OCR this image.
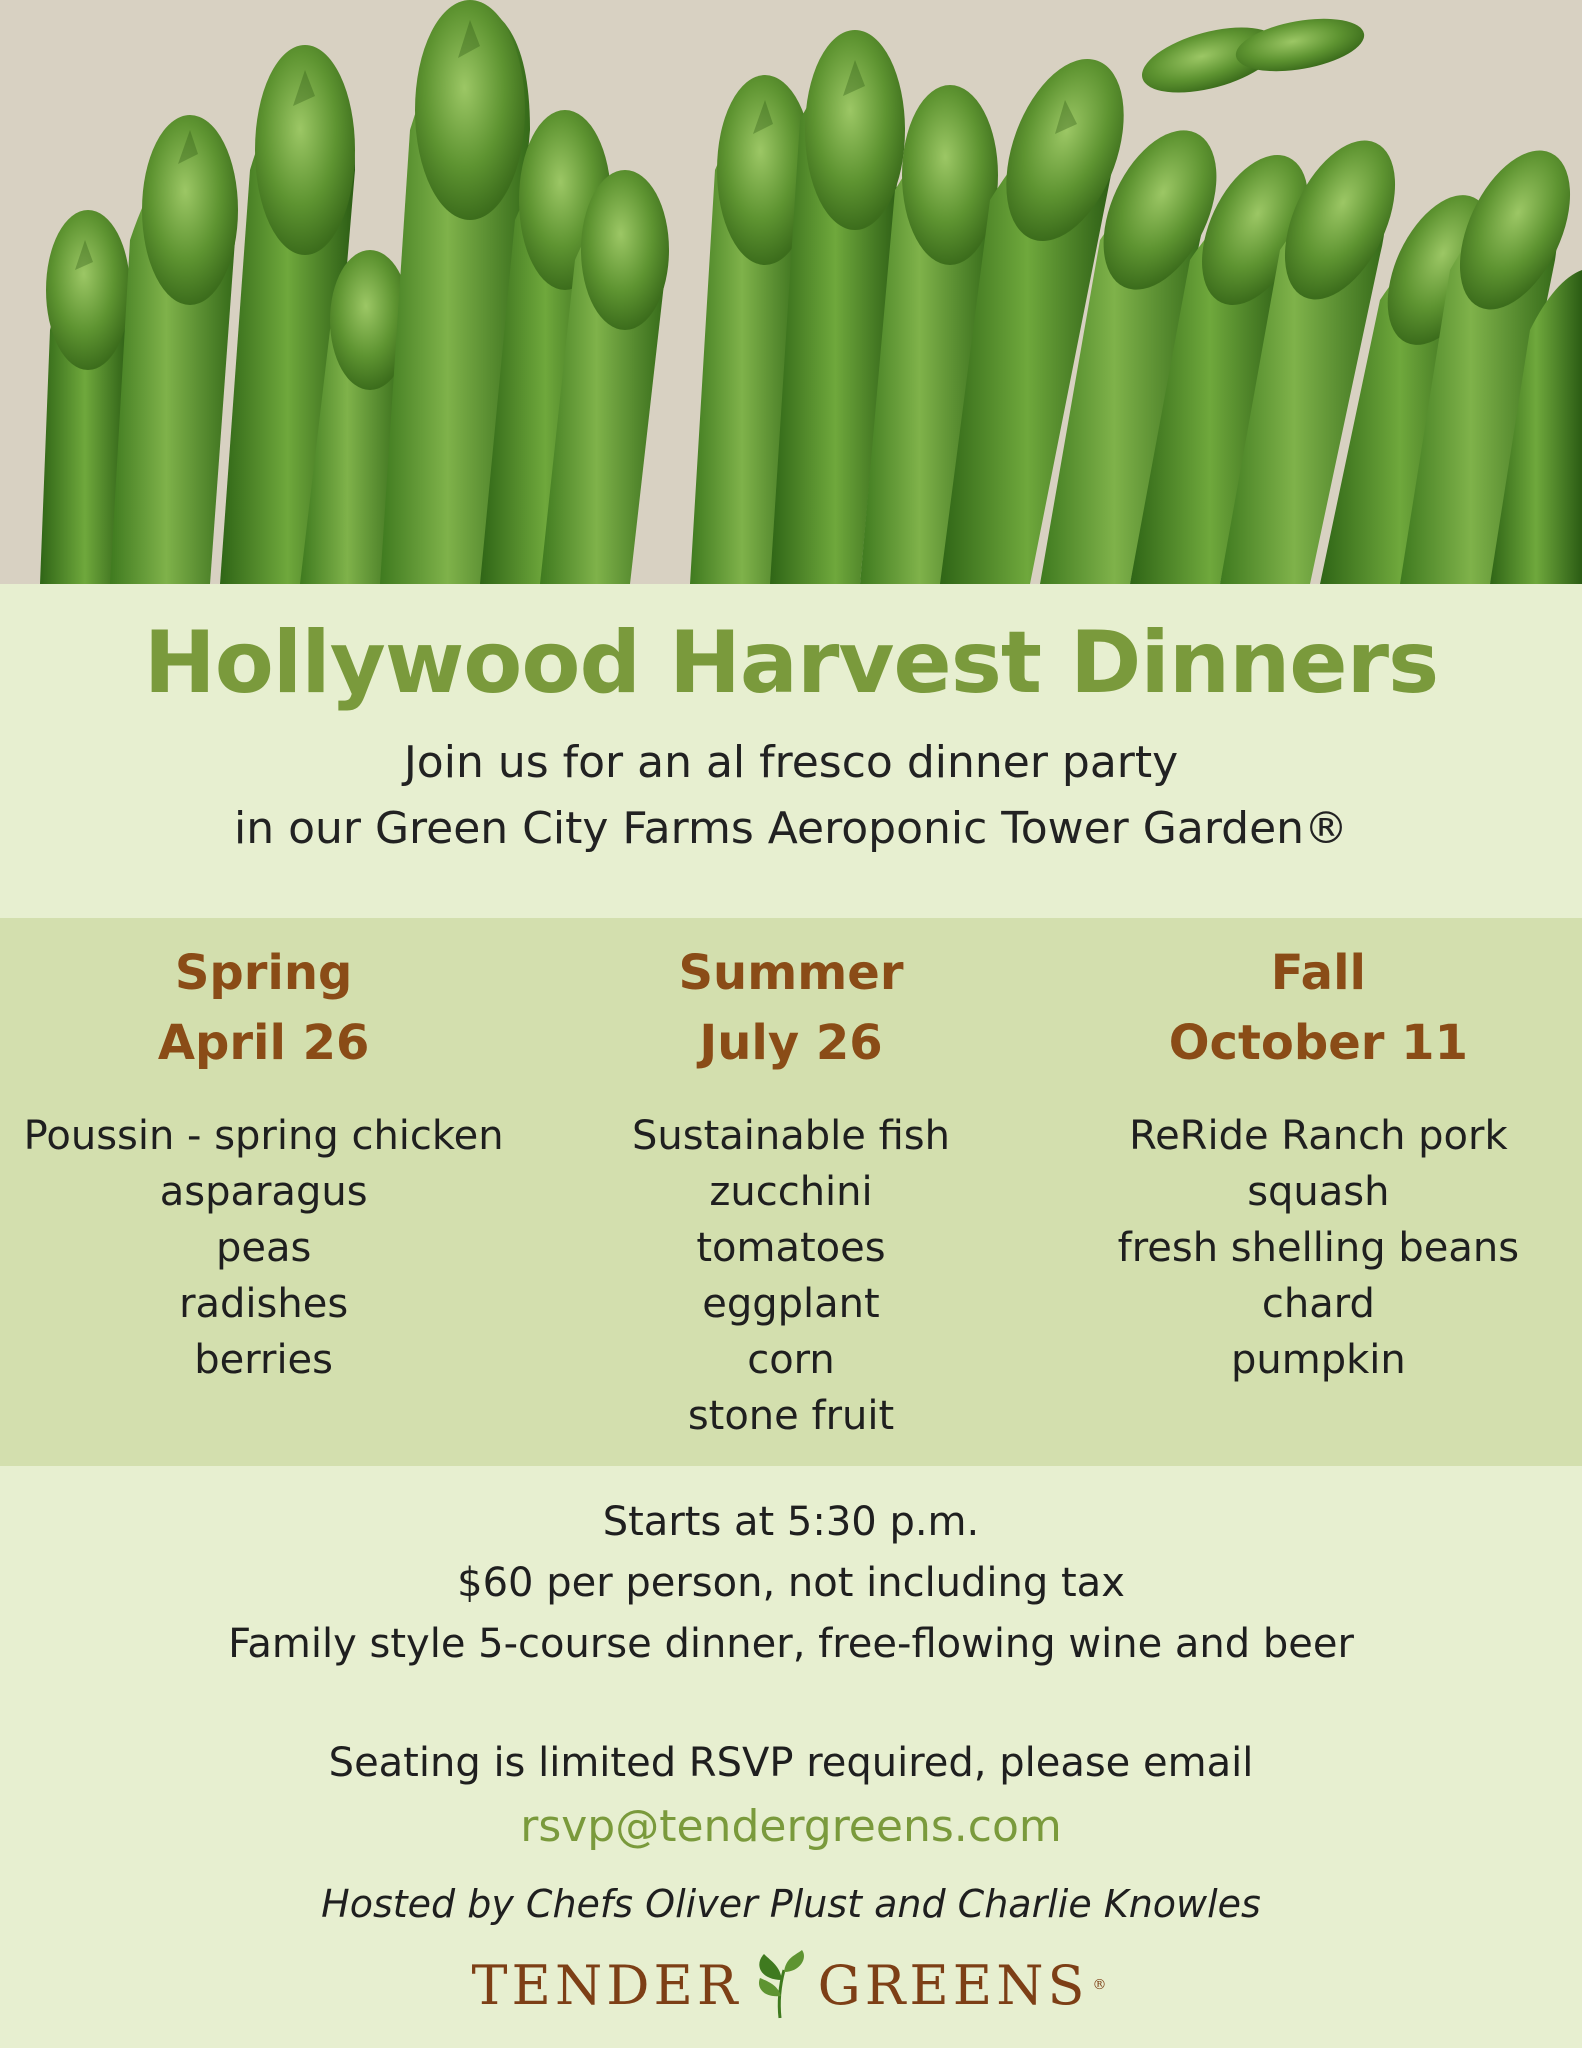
Hollywood Harvest Dinners
Join us for an al fresco dinner party
in our Green City Farms Aeroponic Tower Garden®
Spring
April 26
Poussin - spring chicken
asparagus
peas
radishes
berries
Summer
July 26
Sustainable fish
zucchini
tomatoes
eggplant
corn
stone fruit
Fall
October 11
ReRide Ranch pork
squash
fresh shelling beans
chard
pumpkin
Starts at 5:30 p.m.
$60 per person, not including tax
Family style 5-course dinner, free-flowing wine and beer
Seating is limited RSVP required, please email
rsvp@tendergreens.com
Hosted by Chefs Oliver Plust and Charlie Knowles
TENDER GREENS ®
